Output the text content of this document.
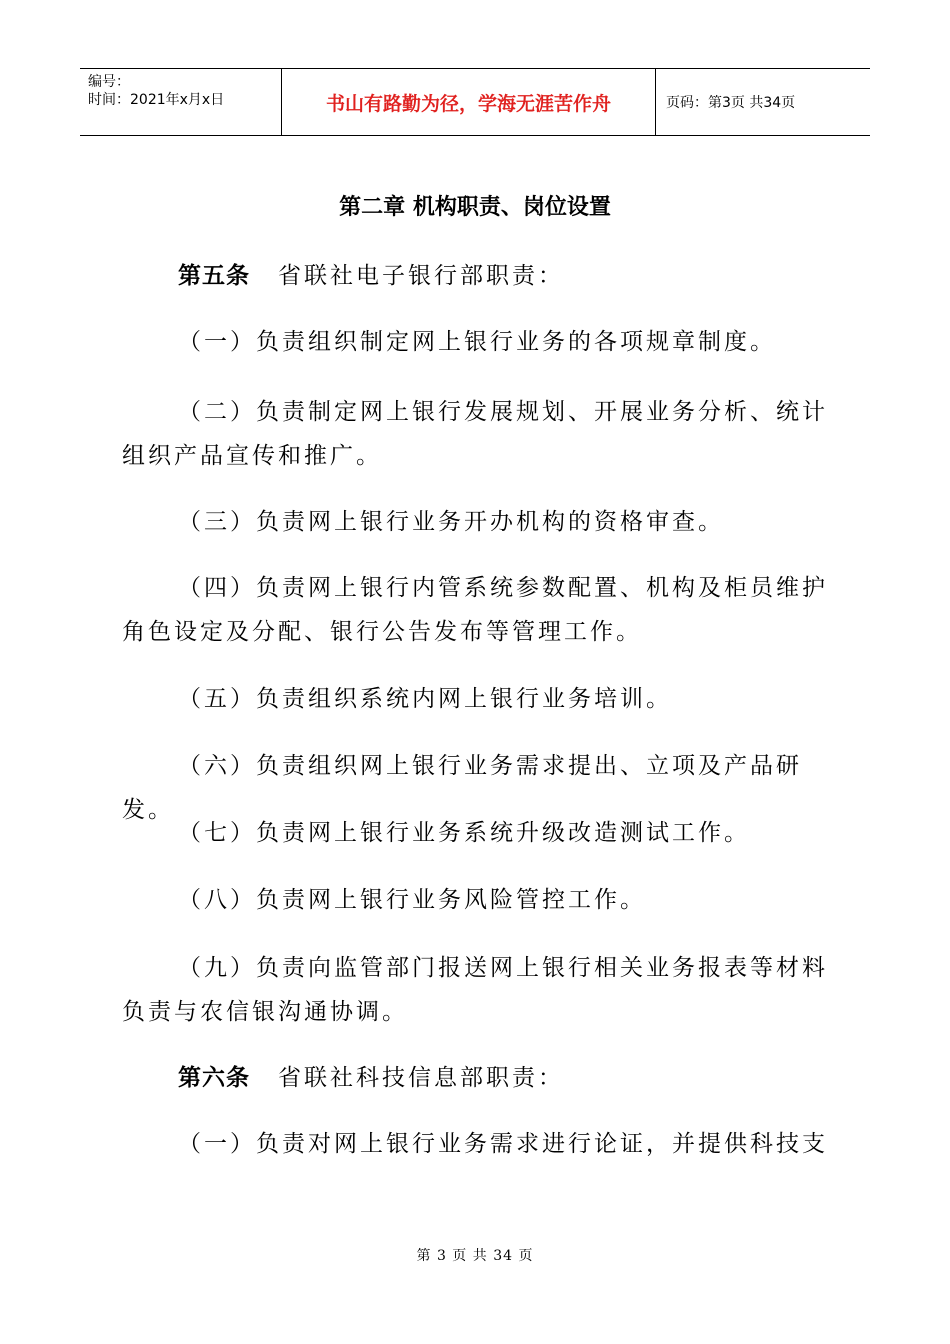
编号：
时间：2021年x月x日	书山有路勤为径，学海无涯苦作舟	页码：第3页 共34页
第二章 机构职责、岗位设置
第五条 省联社电子银行部职责：
（一）负责组织制定网上银行业务的各项规章制度。
（二）负责制定网上银行发展规划、开展业务分析、统计组织产品宣传和推广。
（三）负责网上银行业务开办机构的资格审查。
（四）负责网上银行内管系统参数配置、机构及柜员维护角色设定及分配、银行公告发布等管理工作。
（五）负责组织系统内网上银行业务培训。
（六）负责组织网上银行业务需求提出、立项及产品研发。
（七）负责网上银行业务系统升级改造测试工作。
（八）负责网上银行业务风险管控工作。
（九）负责向监管部门报送网上银行相关业务报表等材料负责与农信银沟通协调。
第六条 省联社科技信息部职责：
（一）负责对网上银行业务需求进行论证，并提供科技支
第 3 页 共 34 页
